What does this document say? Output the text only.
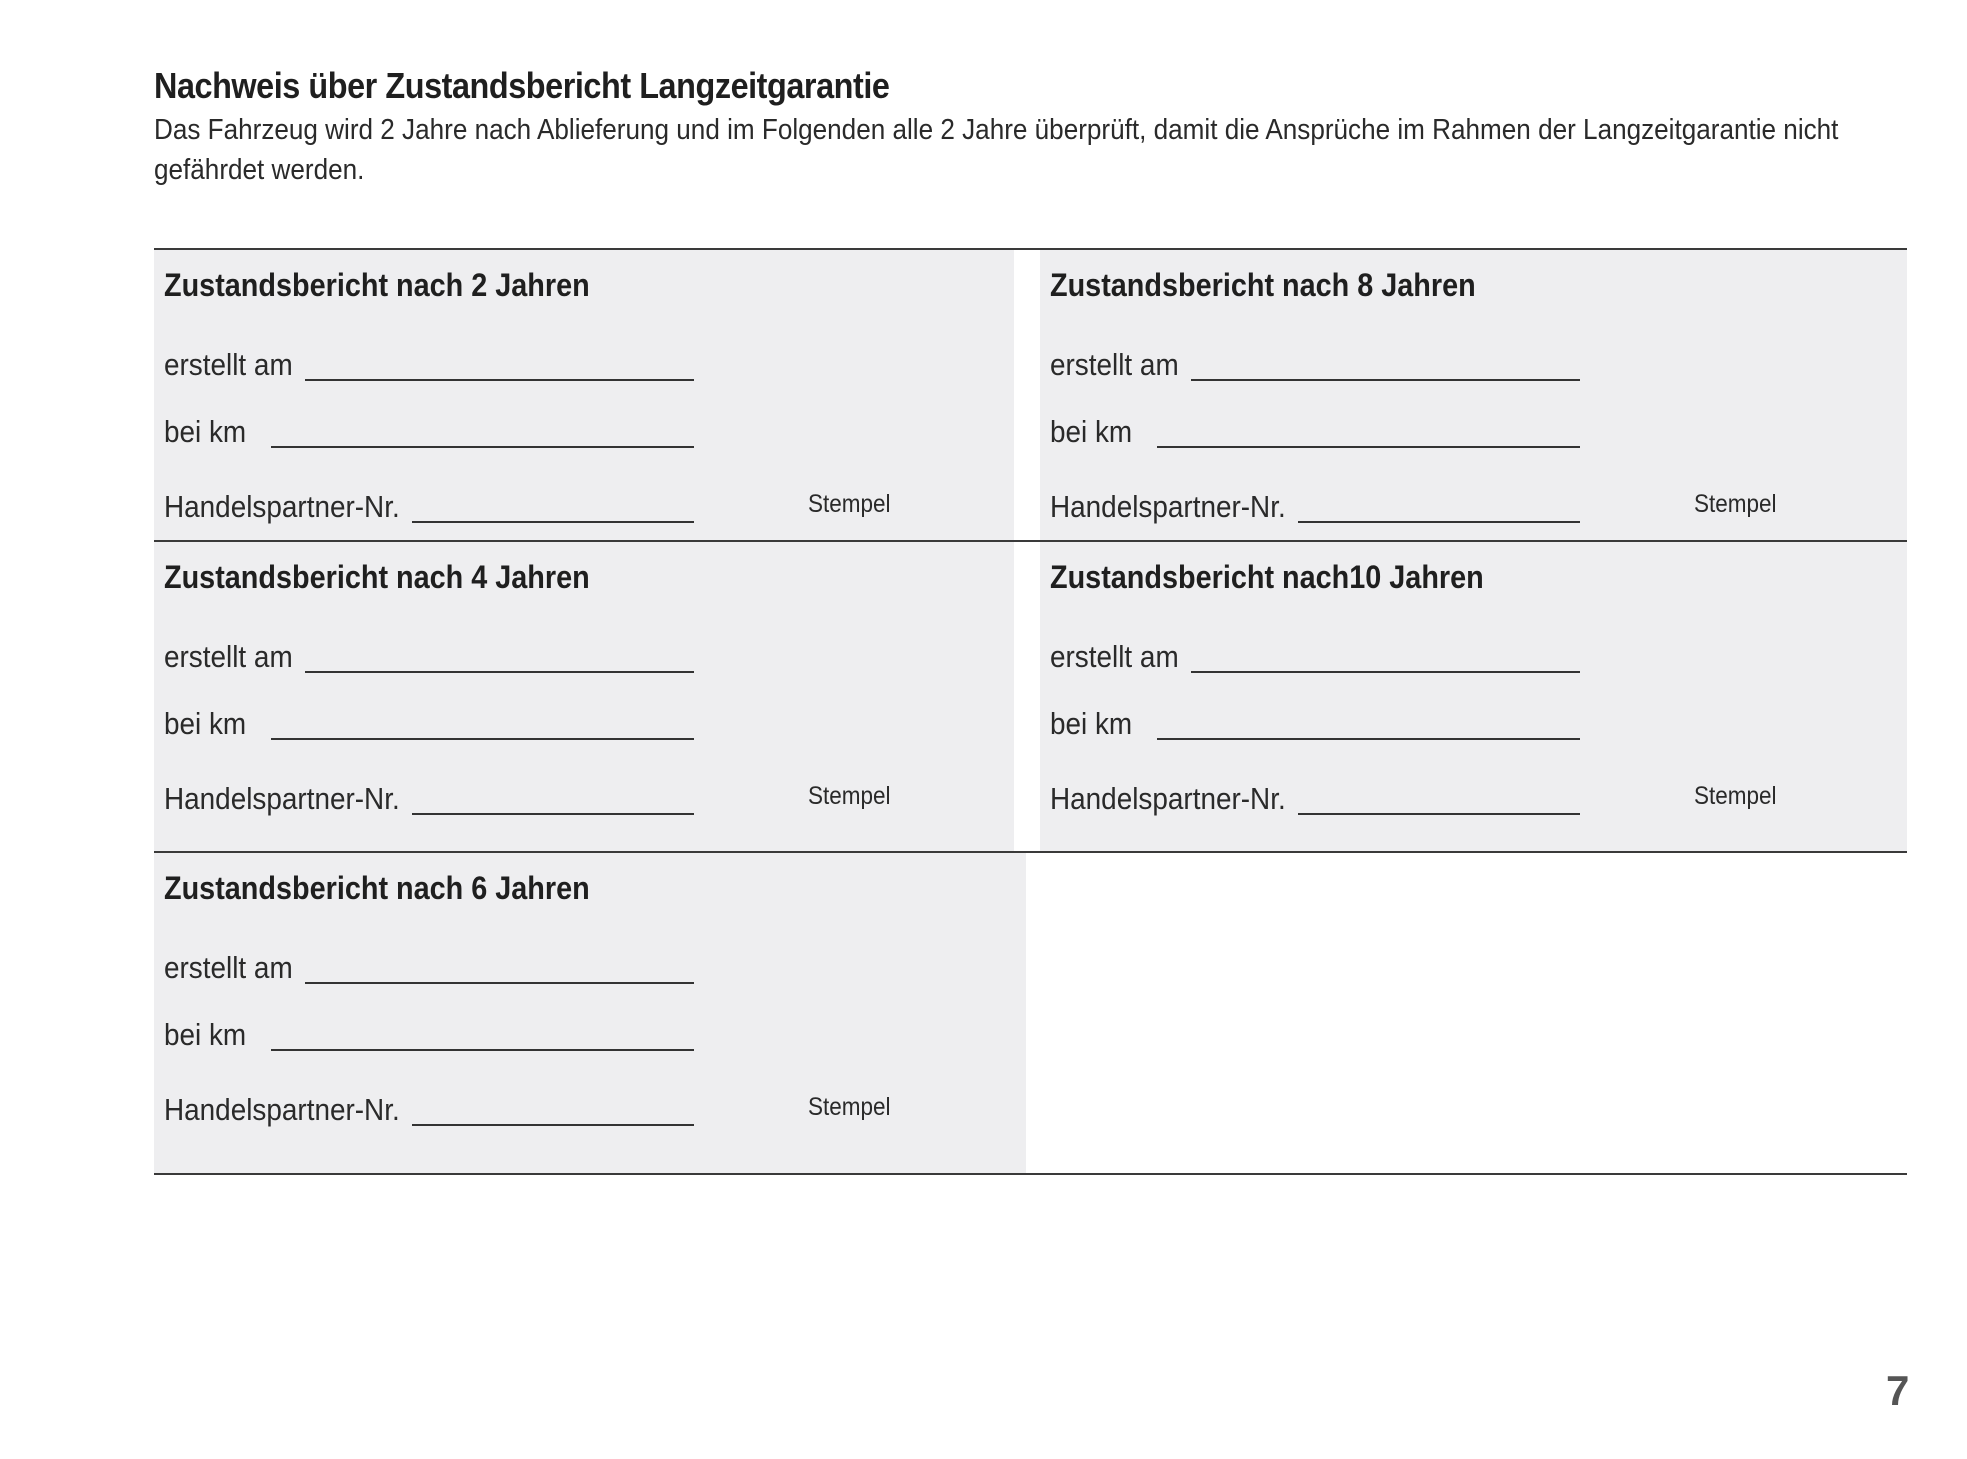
Nachweis über Zustandsbericht Langzeitgarantie

Das Fahrzeug wird 2 Jahre nach Ablieferung und im Folgenden alle 2 Jahre überprüft, damit die Ansprüche im Rahmen der Langzeitgarantie nicht gefährdet werden.

Zustandsbericht nach 2 Jahren
erstellt am
bei km
Handelspartner-Nr.	Stempel
Zustandsbericht nach 8 Jahren
erstellt am
bei km
Handelspartner-Nr.	Stempel
Zustandsbericht nach 4 Jahren
erstellt am
bei km
Handelspartner-Nr.	Stempel
Zustandsbericht nach10 Jahren
erstellt am
bei km
Handelspartner-Nr.	Stempel
Zustandsbericht nach 6 Jahren
erstellt am
bei km
Handelspartner-Nr.	Stempel
7
